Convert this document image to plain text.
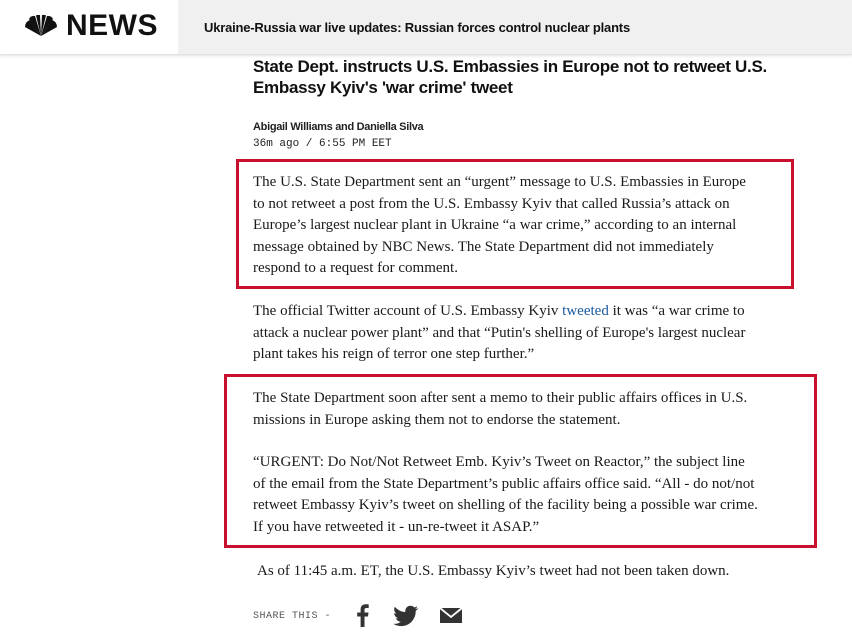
NEWS	Ukraine-Russia war live updates: Russian forces control nuclear plants
State Dept. instructs U.S. Embassies in Europe not to retweet U.S. Embassy Kyiv's 'war crime' tweet
Abigail Williams and Daniella Silva
36m ago / 6:55 PM EET
The U.S. State Department sent an “urgent” message to U.S. Embassies in Europe to not retweet a post from the U.S. Embassy Kyiv that called Russia’s attack on Europe’s largest nuclear plant in Ukraine “a war crime,” according to an internal message obtained by NBC News. The State Department did not immediately respond to a request for comment.
The official Twitter account of U.S. Embassy Kyiv tweeted it was “a war crime to attack a nuclear power plant” and that “Putin's shelling of Europe's largest nuclear plant takes his reign of terror one step further.”
The State Department soon after sent a memo to their public affairs offices in U.S. missions in Europe asking them not to endorse the statement.
“URGENT: Do Not/Not Retweet Emb. Kyiv’s Tweet on Reactor,” the subject line of the email from the State Department’s public affairs office said. “All - do not/not retweet Embassy Kyiv’s tweet on shelling of the facility being a possible war crime. If you have retweeted it - un-re-tweet it ASAP.”
As of 11:45 a.m. ET, the U.S. Embassy Kyiv’s tweet had not been taken down.
SHARE THIS -
